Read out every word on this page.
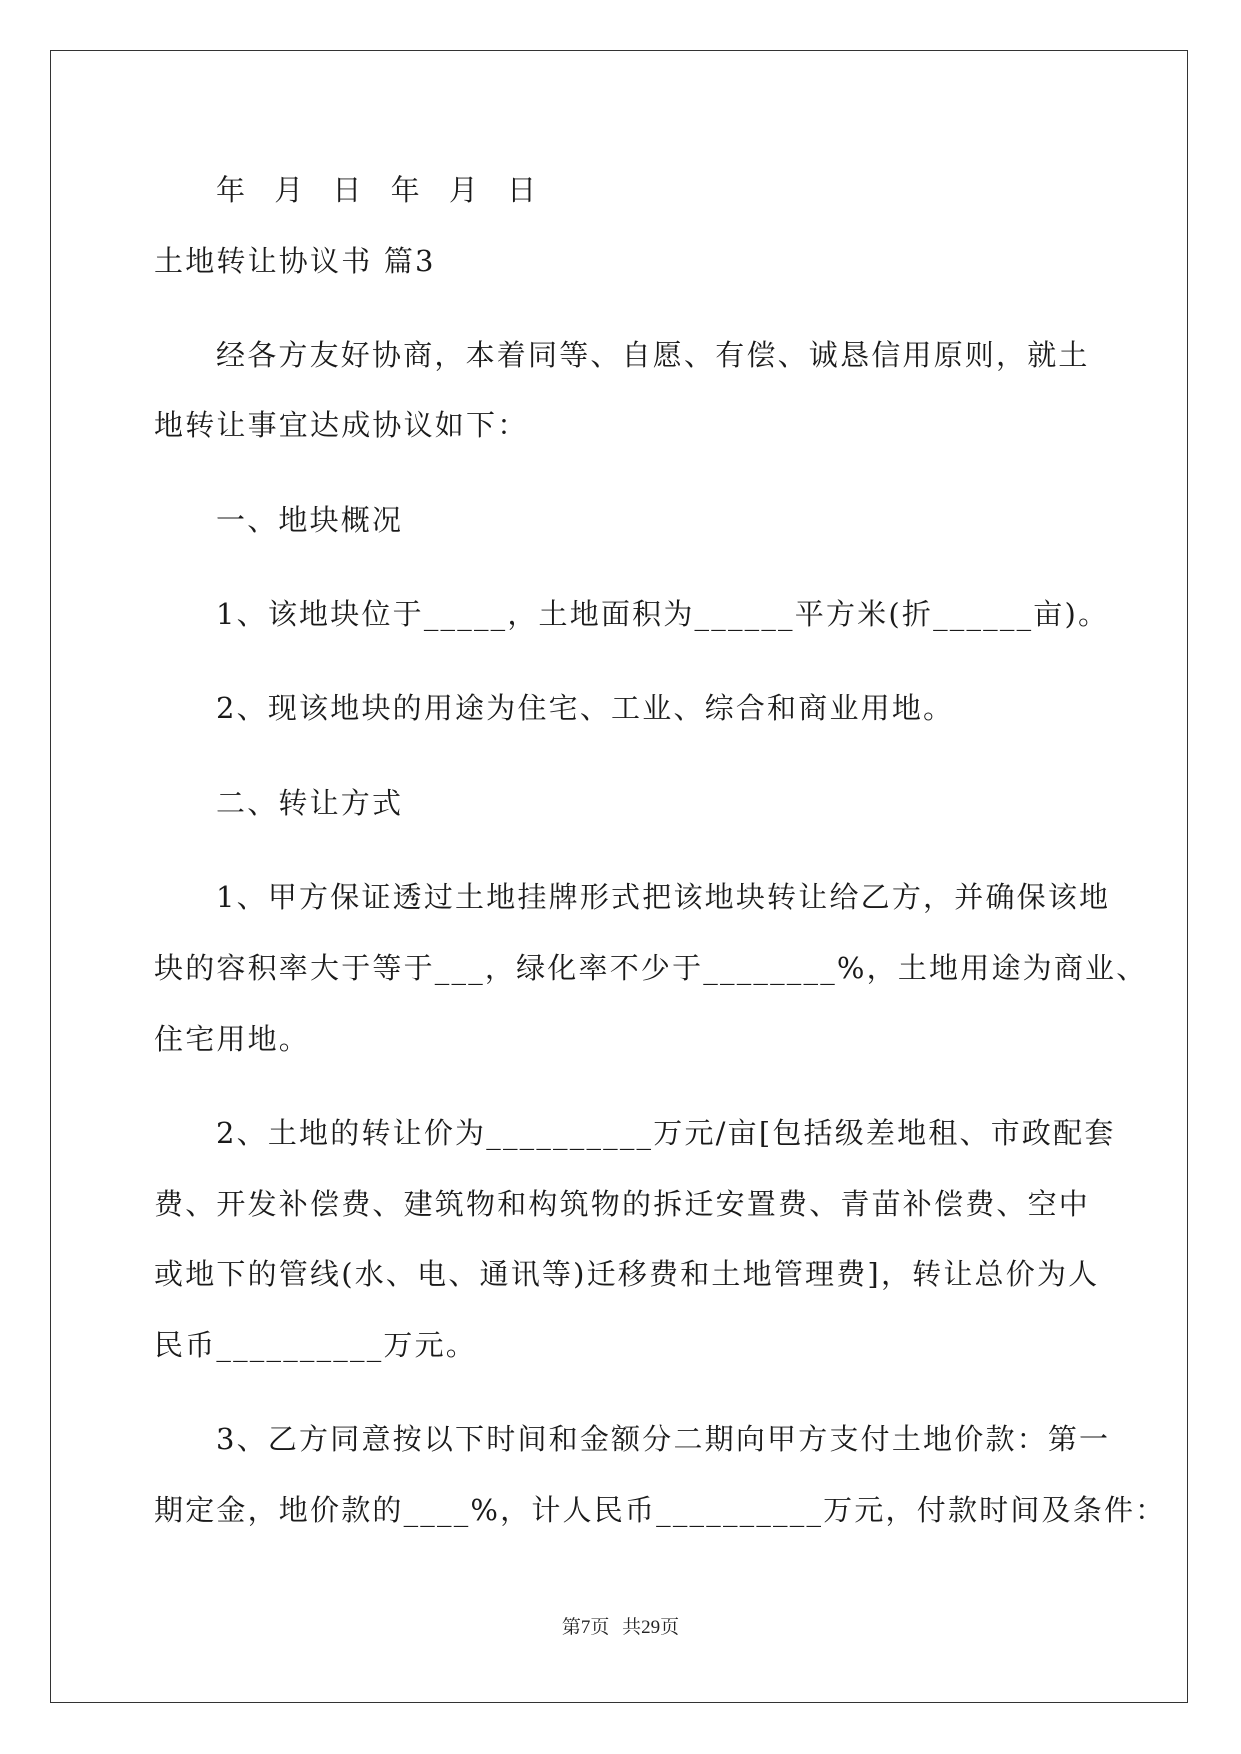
年 月 日 年 月 日
土地转让协议书 篇3
经各方友好协商，本着同等、自愿、有偿、诚恳信用原则，就土
地转让事宜达成协议如下：
一、地块概况
1、该地块位于_____，土地面积为______平方米(折______亩)。
2、现该地块的用途为住宅、工业、综合和商业用地。
二、转让方式
1、甲方保证透过土地挂牌形式把该地块转让给乙方，并确保该地
块的容积率大于等于___，绿化率不少于________%，土地用途为商业、
住宅用地。
2、土地的转让价为__________万元/亩[包括级差地租、市政配套
费、开发补偿费、建筑物和构筑物的拆迁安置费、青苗补偿费、空中
或地下的管线(水、电、通讯等)迁移费和土地管理费]，转让总价为人
民币__________万元。
3、乙方同意按以下时间和金额分二期向甲方支付土地价款：第一
期定金，地价款的____%，计人民币__________万元，付款时间及条件：
第7页 共29页
